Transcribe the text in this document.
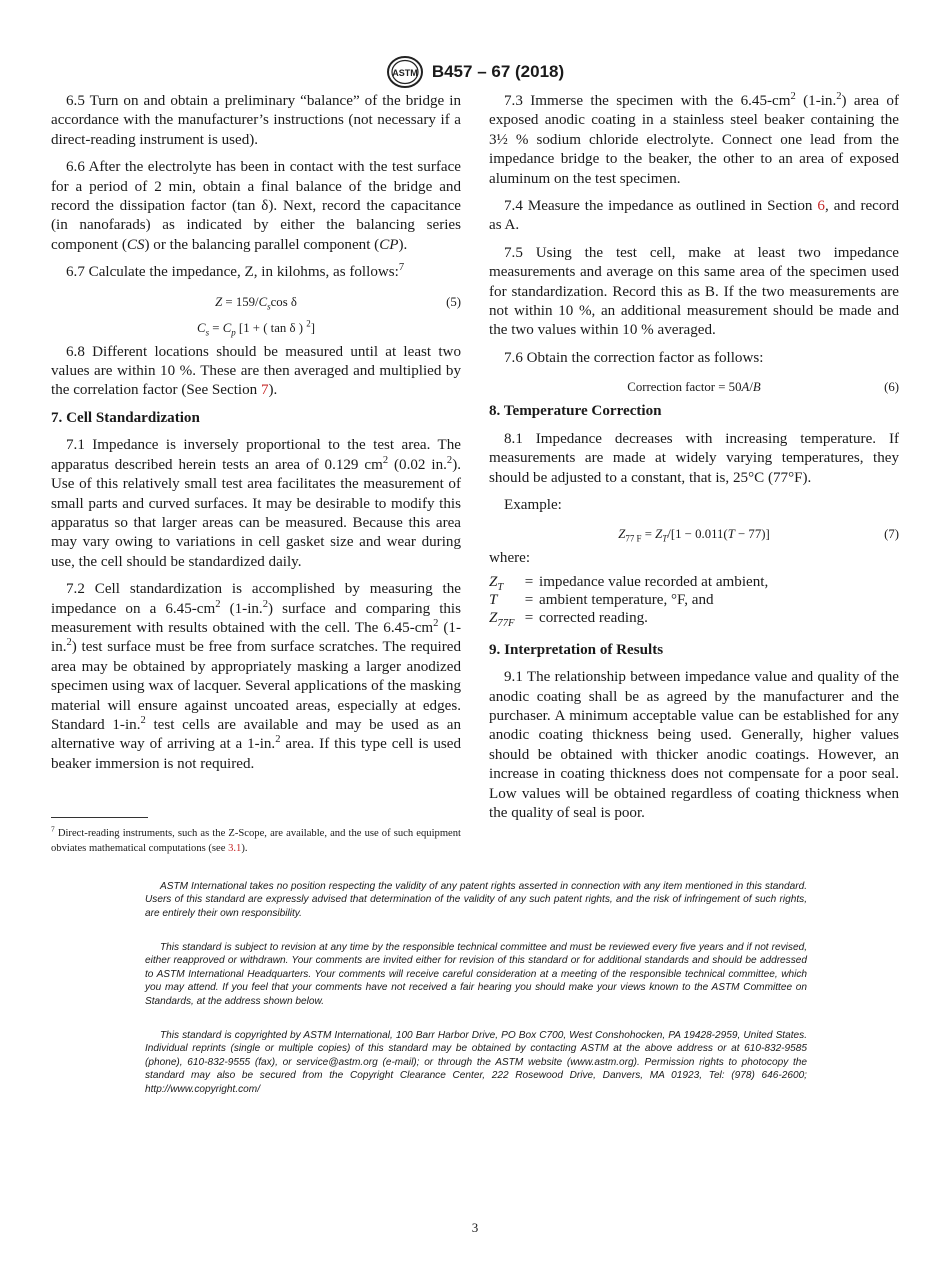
ASTM B457 – 67 (2018)

6.5 Turn on and obtain a preliminary “balance” of the bridge in accordance with the manufacturer’s instructions (not necessary if a direct-reading instrument is used).

6.6 After the electrolyte has been in contact with the test surface for a period of 2 min, obtain a final balance of the bridge and record the dissipation factor (tan δ). Next, record the capacitance (in nanofarads) as indicated by either the balancing series component (CS) or the balancing parallel component (CP).

6.7 Calculate the impedance, Z, in kilohms, as follows:$^7$

$Z = 159/C_s\cos$ δ	(5)
$C_s = C_p$ [1 + ( tan δ ) $^2$]

6.8 Different locations should be measured until at least two values are within 10 %. These are then averaged and multiplied by the correlation factor (See Section 7).

7. Cell Standardization

7.1 Impedance is inversely proportional to the test area. The apparatus described herein tests an area of 0.129 $cm^2$ (0.02 in.$^2$). Use of this relatively small test area facilitates the measurement of small parts and curved surfaces. It may be desirable to modify this apparatus so that larger areas can be measured. Because this area may vary owing to variations in cell gasket size and wear during use, the cell should be standardized daily.

7.2 Cell standardization is accomplished by measuring the impedance on a $6.45-cm^2$ (1-in.$^2$) surface and comparing this measurement with results obtained with the cell. The $6.45-cm^2$ (1-in.$^2$) test surface must be free from surface scratches. The required area may be obtained by appropriately masking a larger anodized specimen using wax of lacquer. Several applications of the masking material will ensure against uncoated areas, especially at edges. Standard 1-in.$^2$ test cells are available and may be used as an alternative way of arriving at a 1-in.$^2$ area. If this type cell is used beaker immersion is not required.

$^7$ Direct-reading instruments, such as the Z-Scope, are available, and the use of such equipment obviates mathematical computations (see 3.1).

7.3 Immerse the specimen with the $6.45-cm^2$ (1-in.$^2$) area of exposed anodic coating in a stainless steel beaker containing the 3½ % sodium chloride electrolyte. Connect one lead from the impedance bridge to the beaker, the other to an area of exposed aluminum on the test specimen.

7.4 Measure the impedance as outlined in Section 6, and record as A.

7.5 Using the test cell, make at least two impedance measurements and average on this same area of the specimen used for standardization. Record this as B. If the two measurements are not within 10 %, an additional measurement should be made and the two values within 10 % averaged.

7.6 Obtain the correction factor as follows:

Correction factor = 50A/B	(6)

8. Temperature Correction

8.1 Impedance decreases with increasing temperature. If measurements are made at widely varying temperatures, they should be adjusted to a constant, that is, 25°C (77°F).

Example:

$Z_{77 F} = Z_T/[1 - 0.011(T - 77)]$	(7)

where:

$Z_T$	=	impedance value recorded at ambient,
T	=	ambient temperature, °F, and
$Z_{77F}$	=	corrected reading.

9. Interpretation of Results

9.1 The relationship between impedance value and quality of the anodic coating shall be as agreed by the manufacturer and the purchaser. A minimum acceptable value can be established for any anodic coating thickness being used. Generally, higher values should be obtained with thicker anodic coatings. However, an increase in coating thickness does not compensate for a poor seal. Low values will be obtained regardless of coating thickness when the quality of seal is poor.

ASTM International takes no position respecting the validity of any patent rights asserted in connection with any item mentioned in this standard. Users of this standard are expressly advised that determination of the validity of any such patent rights, and the risk of infringement of such rights, are entirely their own responsibility.

This standard is subject to revision at any time by the responsible technical committee and must be reviewed every five years and if not revised, either reapproved or withdrawn. Your comments are invited either for revision of this standard or for additional standards and should be addressed to ASTM International Headquarters. Your comments will receive careful consideration at a meeting of the responsible technical committee, which you may attend. If you feel that your comments have not received a fair hearing you should make your views known to the ASTM Committee on Standards, at the address shown below.

This standard is copyrighted by ASTM International, 100 Barr Harbor Drive, PO Box C700, West Conshohocken, PA 19428-2959, United States. Individual reprints (single or multiple copies) of this standard may be obtained by contacting ASTM at the above address or at 610-832-9585 (phone), 610-832-9555 (fax), or service@astm.org (e-mail); or through the ASTM website (www.astm.org). Permission rights to photocopy the standard may also be secured from the Copyright Clearance Center, 222 Rosewood Drive, Danvers, MA 01923, Tel: (978) 646-2600; http://www.copyright.com/

3
